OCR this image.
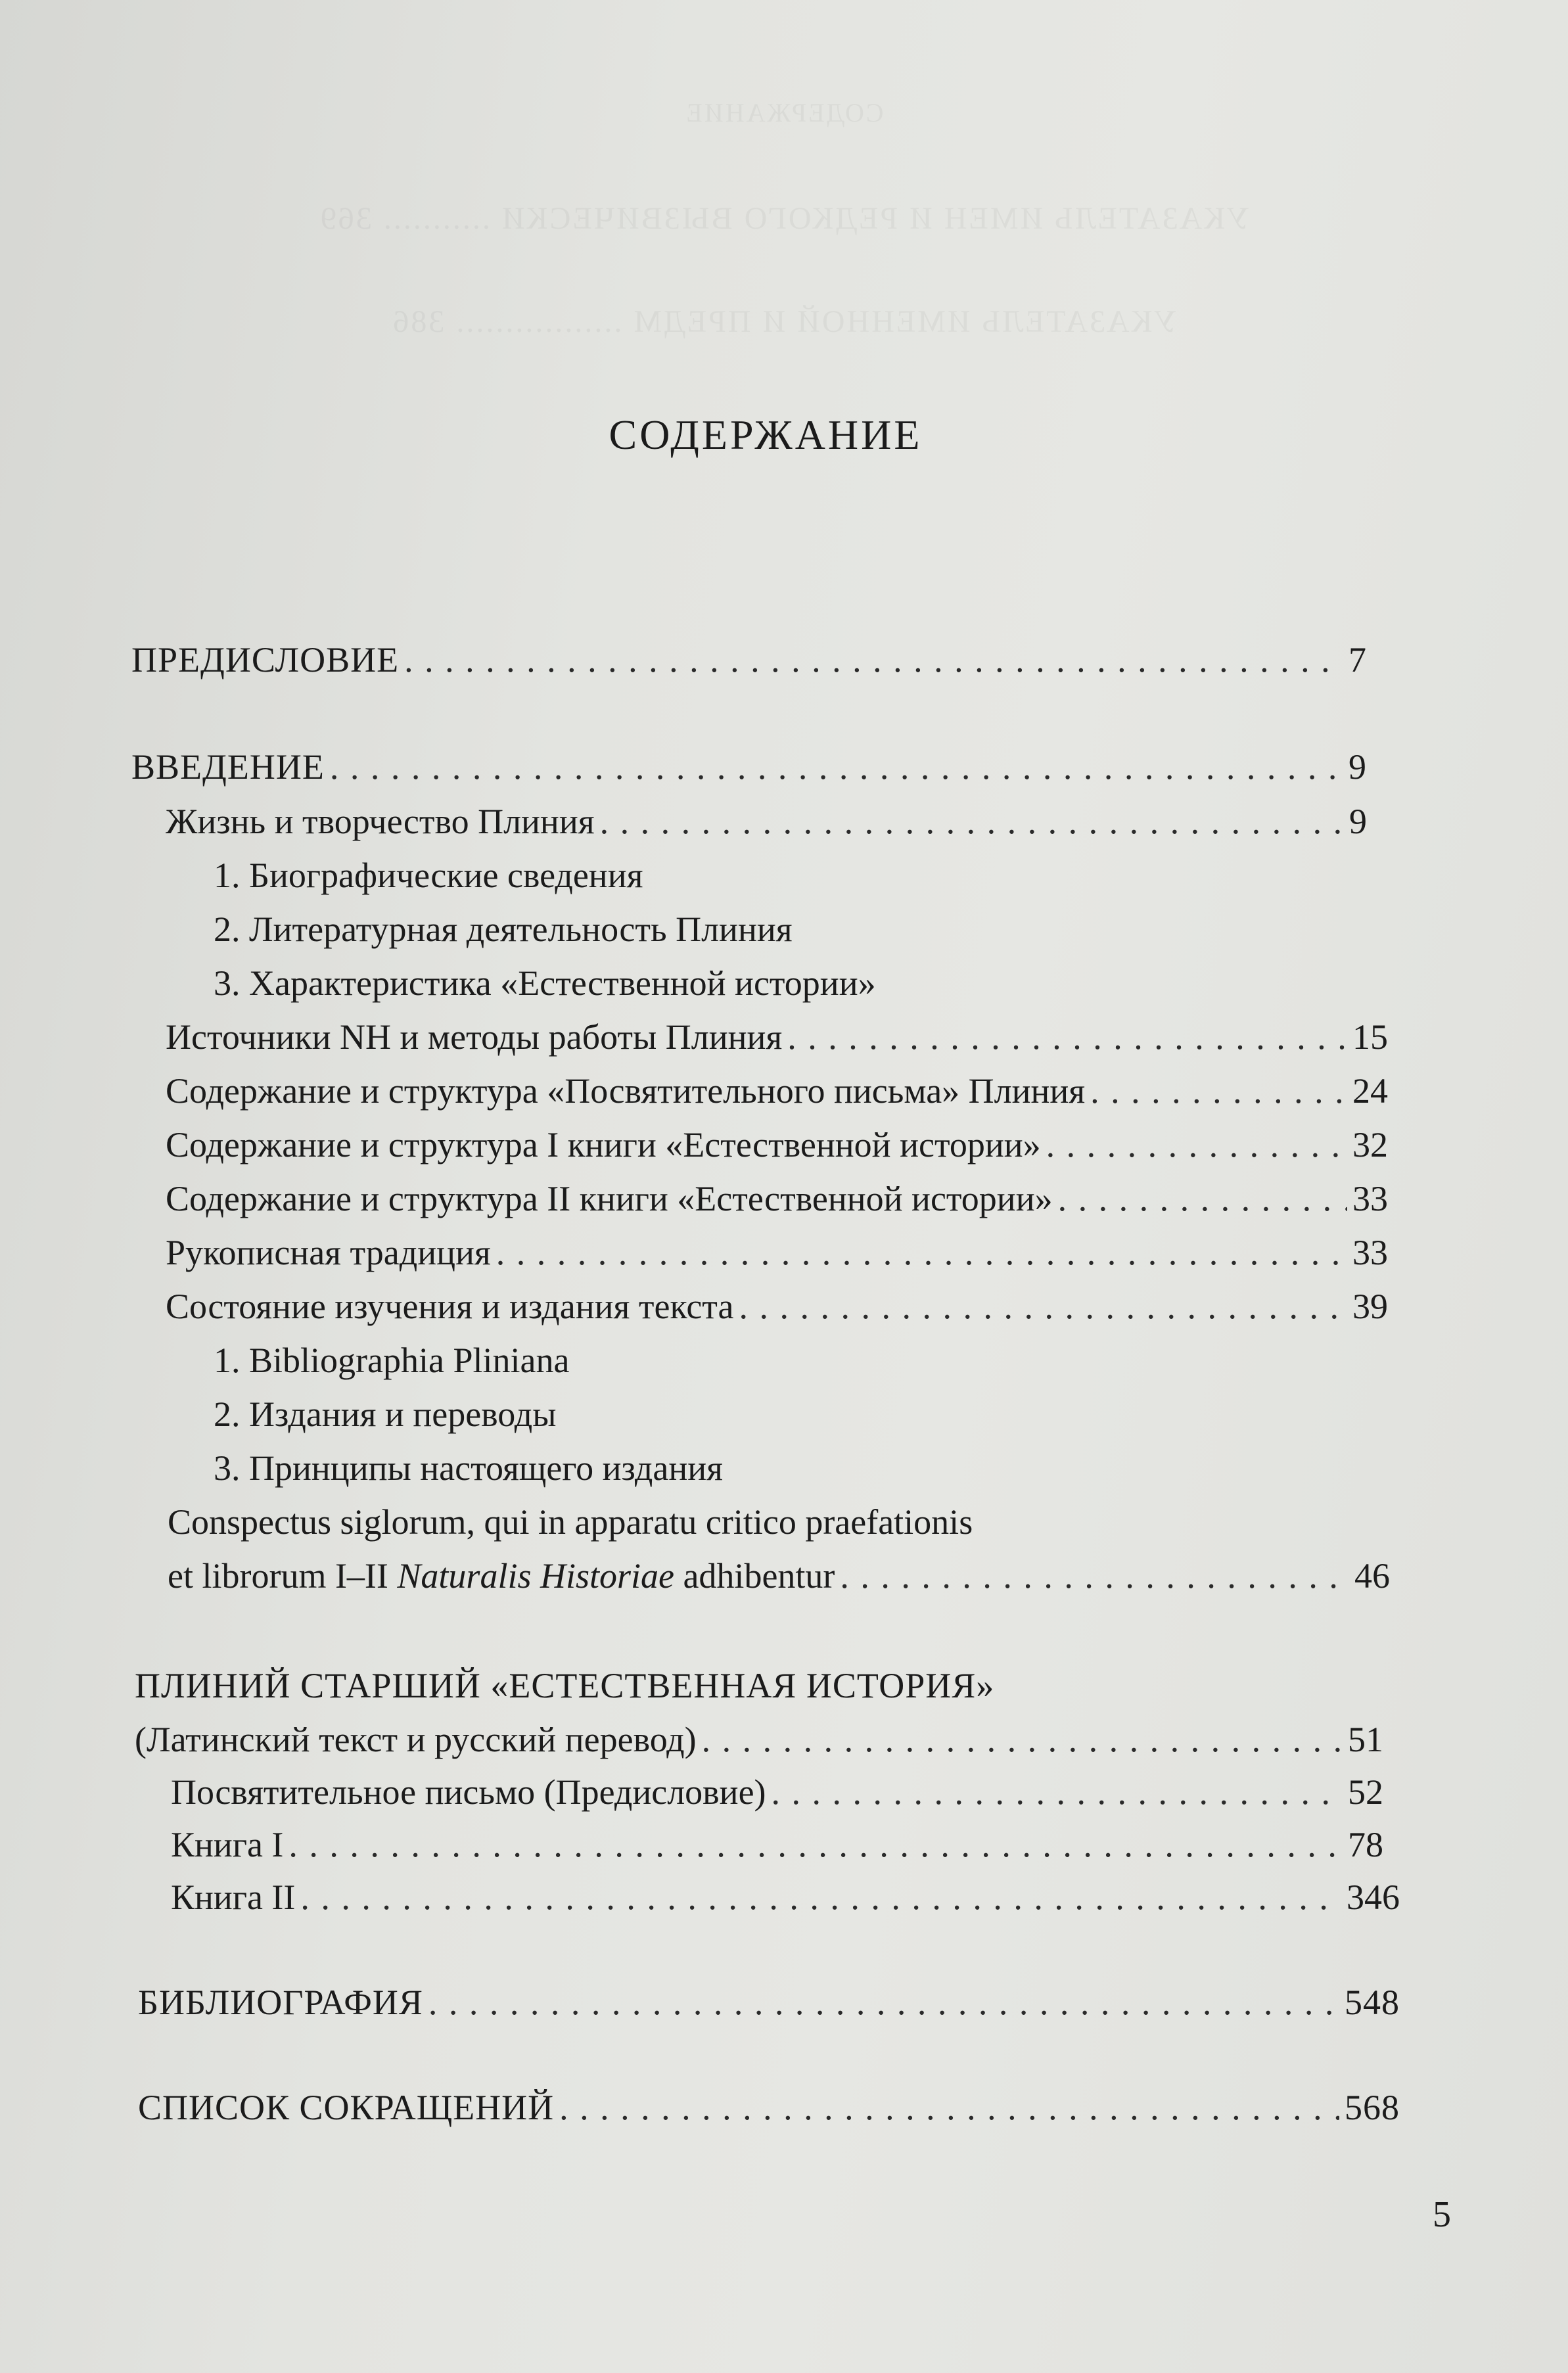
СОДЕРЖАНИЕ
УКАЗАТЕЛЬ ИМЕН И РЕДКОГО ВЫЗВИЧЕСКИ ........... 369
УКАЗАТЕЛЬ ИМЕННОЙ И ПРЕДМ ................. 386
СОДЕРЖАНИЕ
ПРЕДИСЛОВИЕ . . .	7
ВВЕДЕНИЕ . . .	9
Жизнь и творчество Плиния . . .	9
1. Биографические сведения
2. Литературная деятельность Плиния
3. Характеристика «Естественной истории»
Источники NH и методы работы Плиния . . .	15
Содержание и структура «Посвятительного письма» Плиния . . .	24
Содержание и структура I книги «Естественной истории» . . .	32
Содержание и структура II книги «Естественной истории» . . .	33
Рукописная традиция . . .	33
Состояние изучения и издания текста . . .	39
1. Bibliographia Pliniana
2. Издания и переводы
3. Принципы настоящего издания
Conspectus siglorum, qui in apparatu critico praefationis
et librorum I–II Naturalis Historiae adhibentur . . .	46
ПЛИНИЙ СТАРШИЙ «ЕСТЕСТВЕННАЯ ИСТОРИЯ»
(Латинский текст и русский перевод) . . .	51
Посвятительное письмо (Предисловие) . . .	52
Книга I . . .	78
Книга II . . .	346
БИБЛИОГРАФИЯ . . .	548
СПИСОК СОКРАЩЕНИЙ . . .	568
5
